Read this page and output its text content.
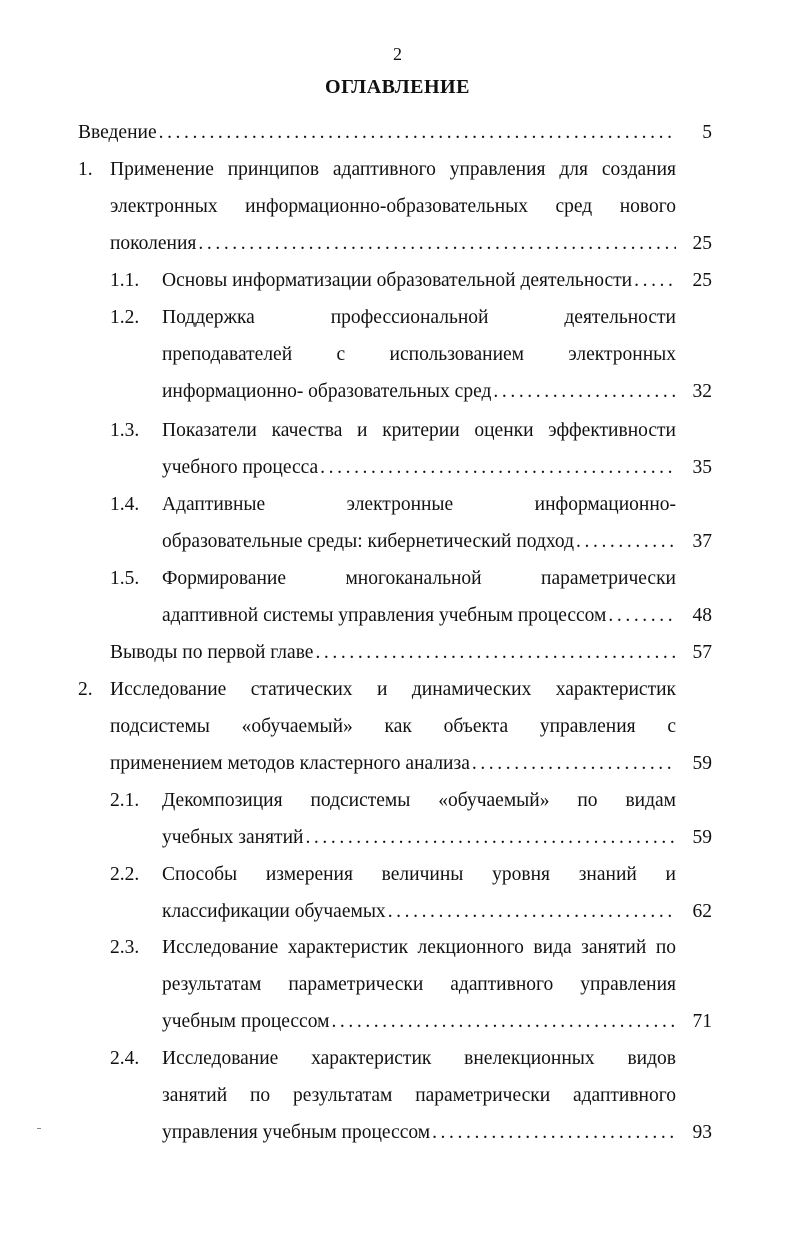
2
ОГЛАВЛЕНИЕ
Введение .....	5
1. Применение принципов адаптивного управления для создания
электронных информационно-образовательных сред нового
поколения .....	25
1.1. Основы информатизации образовательной деятельности .....	25
1.2. Поддержка профессиональной деятельности
преподавателей с использованием электронных
информационно- образовательных сред .....	32
1.3. Показатели качества и критерии оценки эффективности
учебного процесса .....	35
1.4. Адаптивные электронные информационно-
образовательные среды: кибернетический подход .....	37
1.5. Формирование многоканальной параметрически
адаптивной системы управления учебным процессом .....	48
Выводы по первой главе .....	57
2. Исследование статических и динамических характеристик
подсистемы «обучаемый» как объекта управления с
применением методов кластерного анализа .....	59
2.1. Декомпозиция подсистемы «обучаемый» по видам
учебных занятий .....	59
2.2. Способы измерения величины уровня знаний и
классификации обучаемых .....	62
2.3. Исследование характеристик лекционного вида занятий по
результатам параметрически адаптивного управления
учебным процессом .....	71
2.4. Исследование характеристик внелекционных видов
занятий по результатам параметрически адаптивного
управления учебным процессом .....	93
